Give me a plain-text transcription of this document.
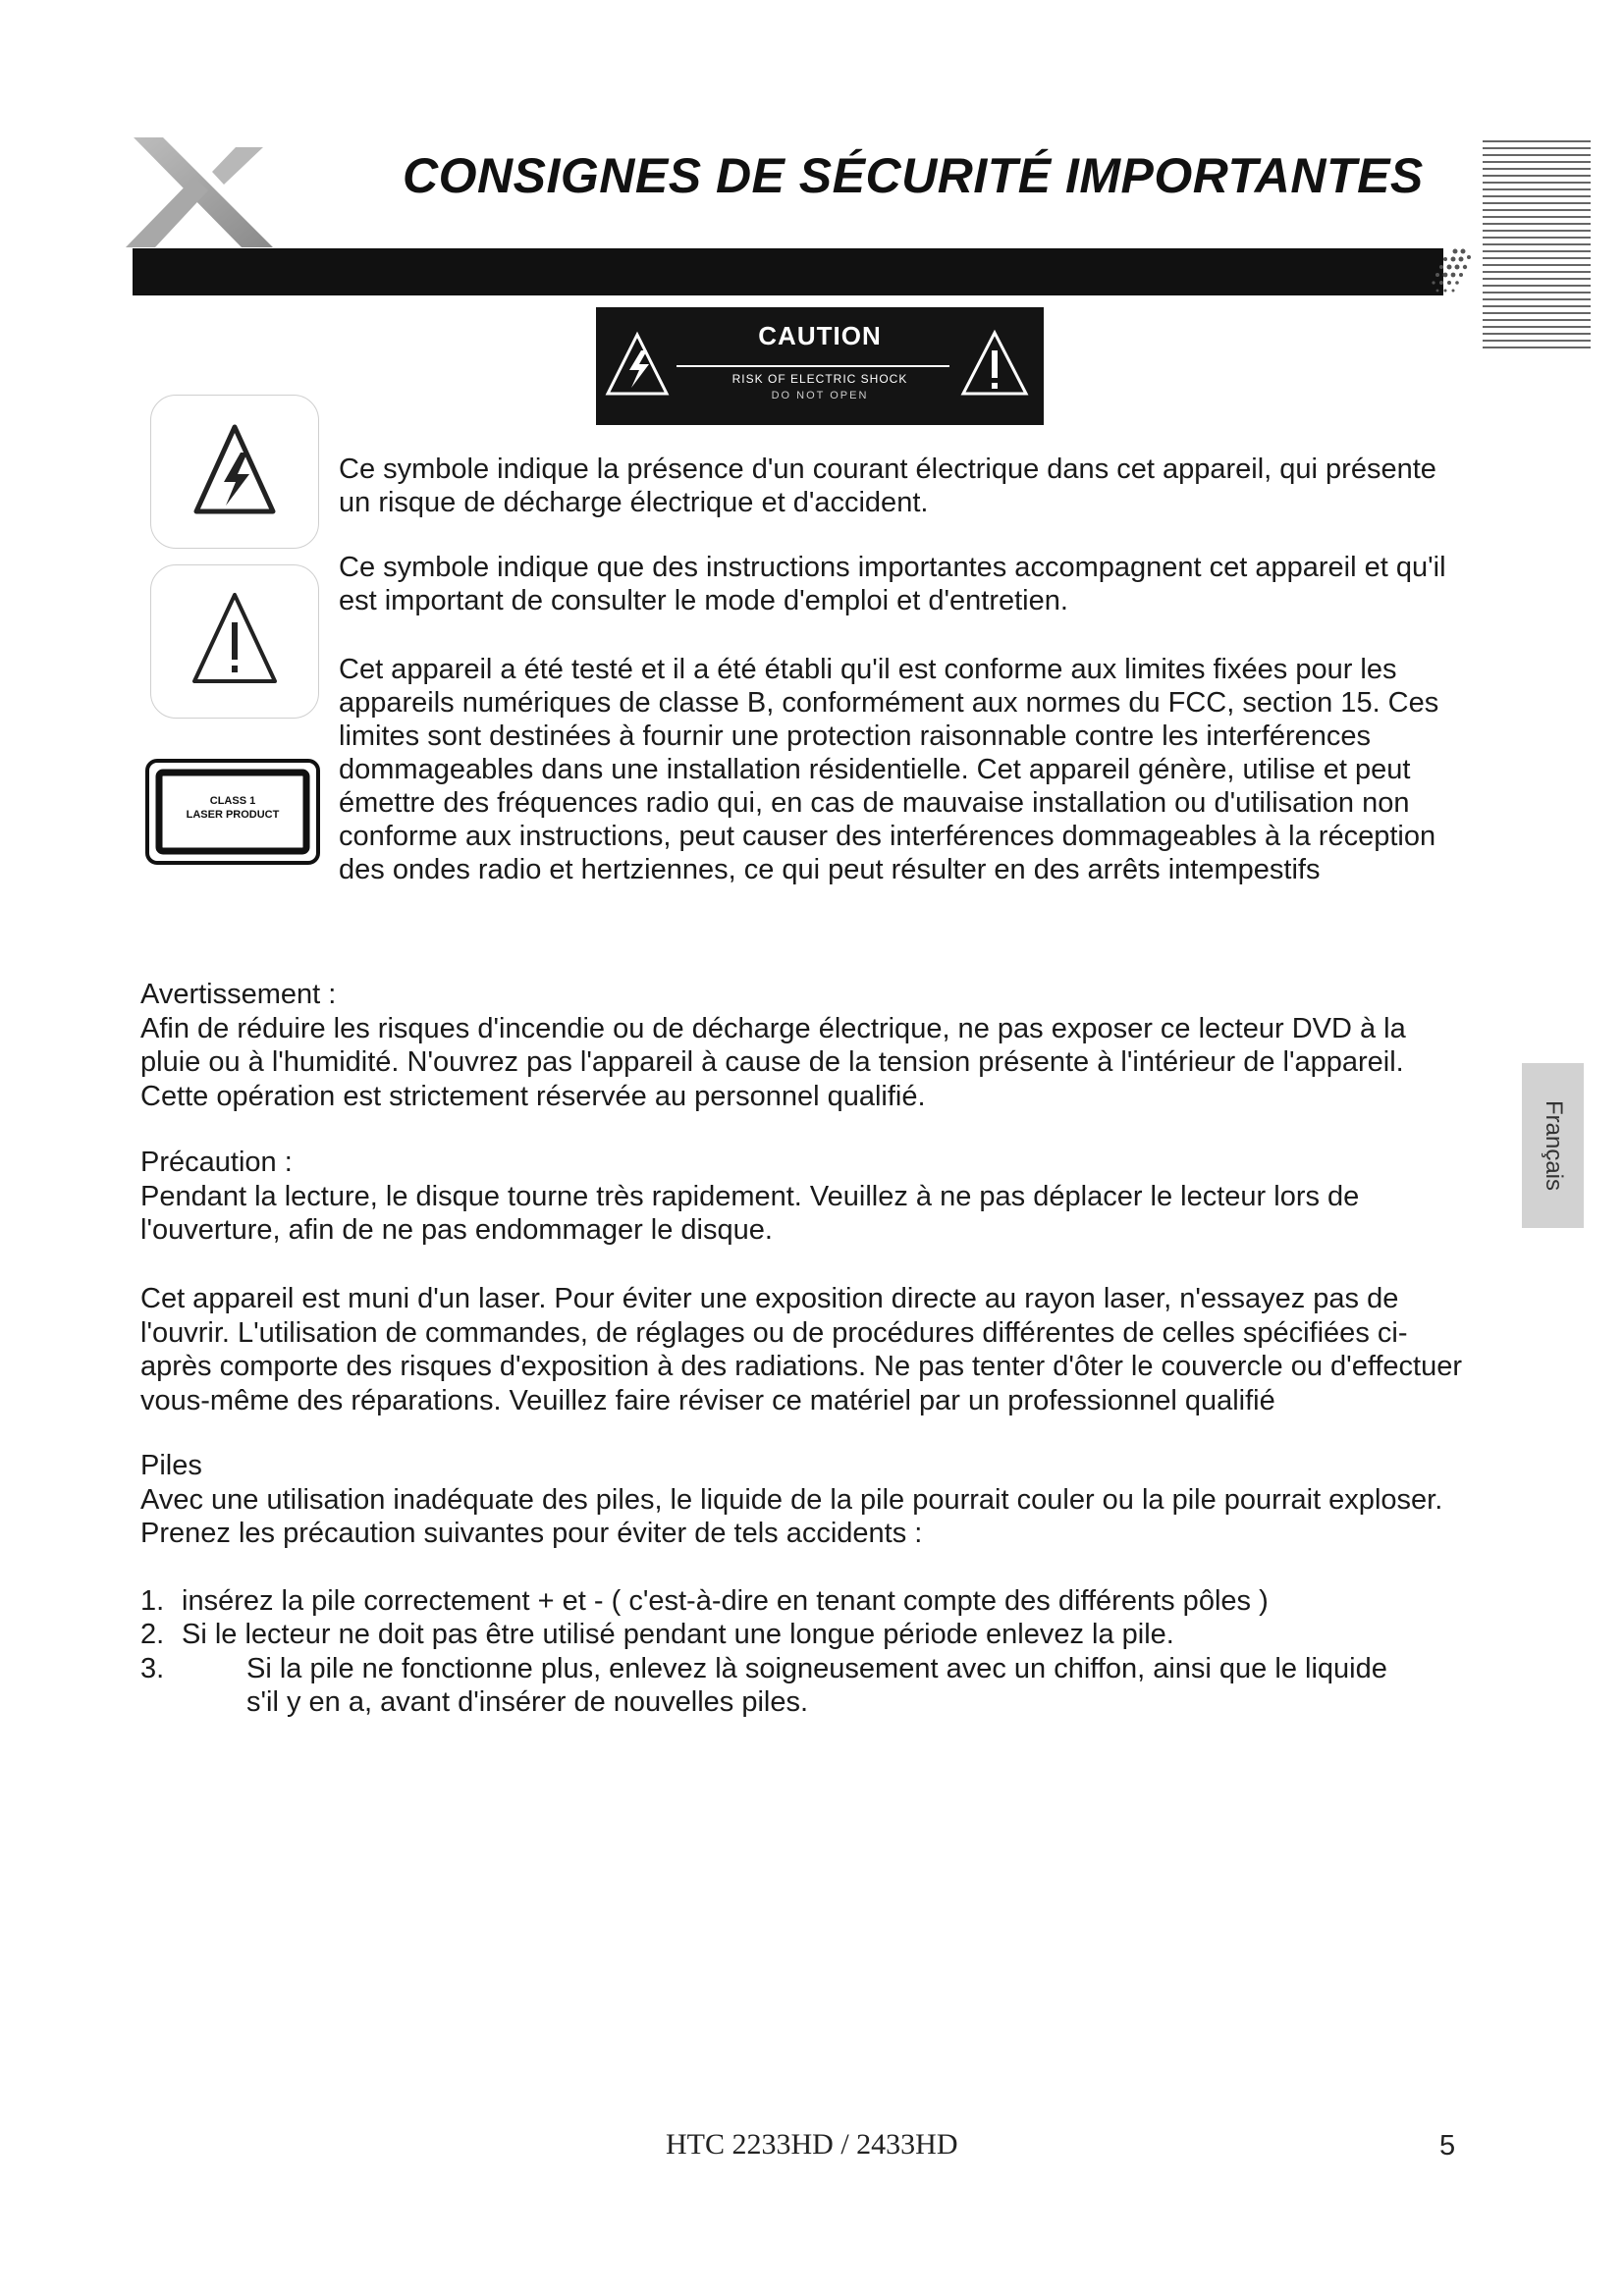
CONSIGNES DE SÉCURITÉ IMPORTANTES
CAUTION
RISK OF ELECTRIC SHOCK
DO NOT OPEN
CLASS 1
LASER PRODUCT
Ce symbole indique la présence d'un courant électrique dans cet appareil, qui présente un risque de décharge électrique et d'accident.
Ce symbole indique que des instructions importantes accompagnent cet appareil et qu'il est important de consulter le mode d'emploi et d'entretien.
Cet appareil a été testé et il a été établi qu'il est conforme aux limites fixées pour les appareils numériques de classe B, conformément aux normes du FCC, section 15. Ces limites sont destinées à fournir une protection raisonnable contre les interférences dommageables dans une installation résidentielle. Cet appareil génère, utilise et peut émettre des fréquences radio qui, en cas de mauvaise installation ou d'utilisation non conforme aux instructions, peut causer des interférences dommageables à la réception des ondes radio et hertziennes, ce qui peut résulter en des arrêts intempestifs
Avertissement :
Afin de réduire les risques d'incendie ou de décharge électrique, ne pas exposer ce lecteur DVD à la pluie ou à l'humidité. N'ouvrez pas l'appareil à cause de la tension présente à l'intérieur de l'appareil. Cette opération est strictement réservée au personnel qualifié.
Précaution :
Pendant la lecture, le disque tourne très rapidement. Veuillez à ne pas déplacer le lecteur lors de l'ouverture, afin de ne pas endommager le disque.
Cet appareil est muni d'un laser. Pour éviter une exposition directe au rayon laser, n'essayez pas de l'ouvrir. L'utilisation de commandes, de réglages ou de procédures différentes de celles spécifiées ci-après comporte des risques d'exposition à des radiations. Ne pas tenter d'ôter le couvercle ou d'effectuer vous-même des réparations. Veuillez faire réviser ce matériel par un professionnel qualifié
Piles
Avec une utilisation inadéquate des piles, le liquide de la pile pourrait couler ou la pile pourrait exploser. Prenez les précaution suivantes pour éviter de tels accidents :
1. insérez la pile correctement + et - ( c'est-à-dire en tenant compte des différents pôles )
2. Si le lecteur ne doit pas être utilisé pendant une longue période enlevez la pile.
3.	Si la pile ne fonctionne plus, enlevez là soigneusement avec un chiffon, ainsi que le liquide s'il y en a, avant d'insérer de nouvelles piles.
Français
HTC 2233HD / 2433HD	5
